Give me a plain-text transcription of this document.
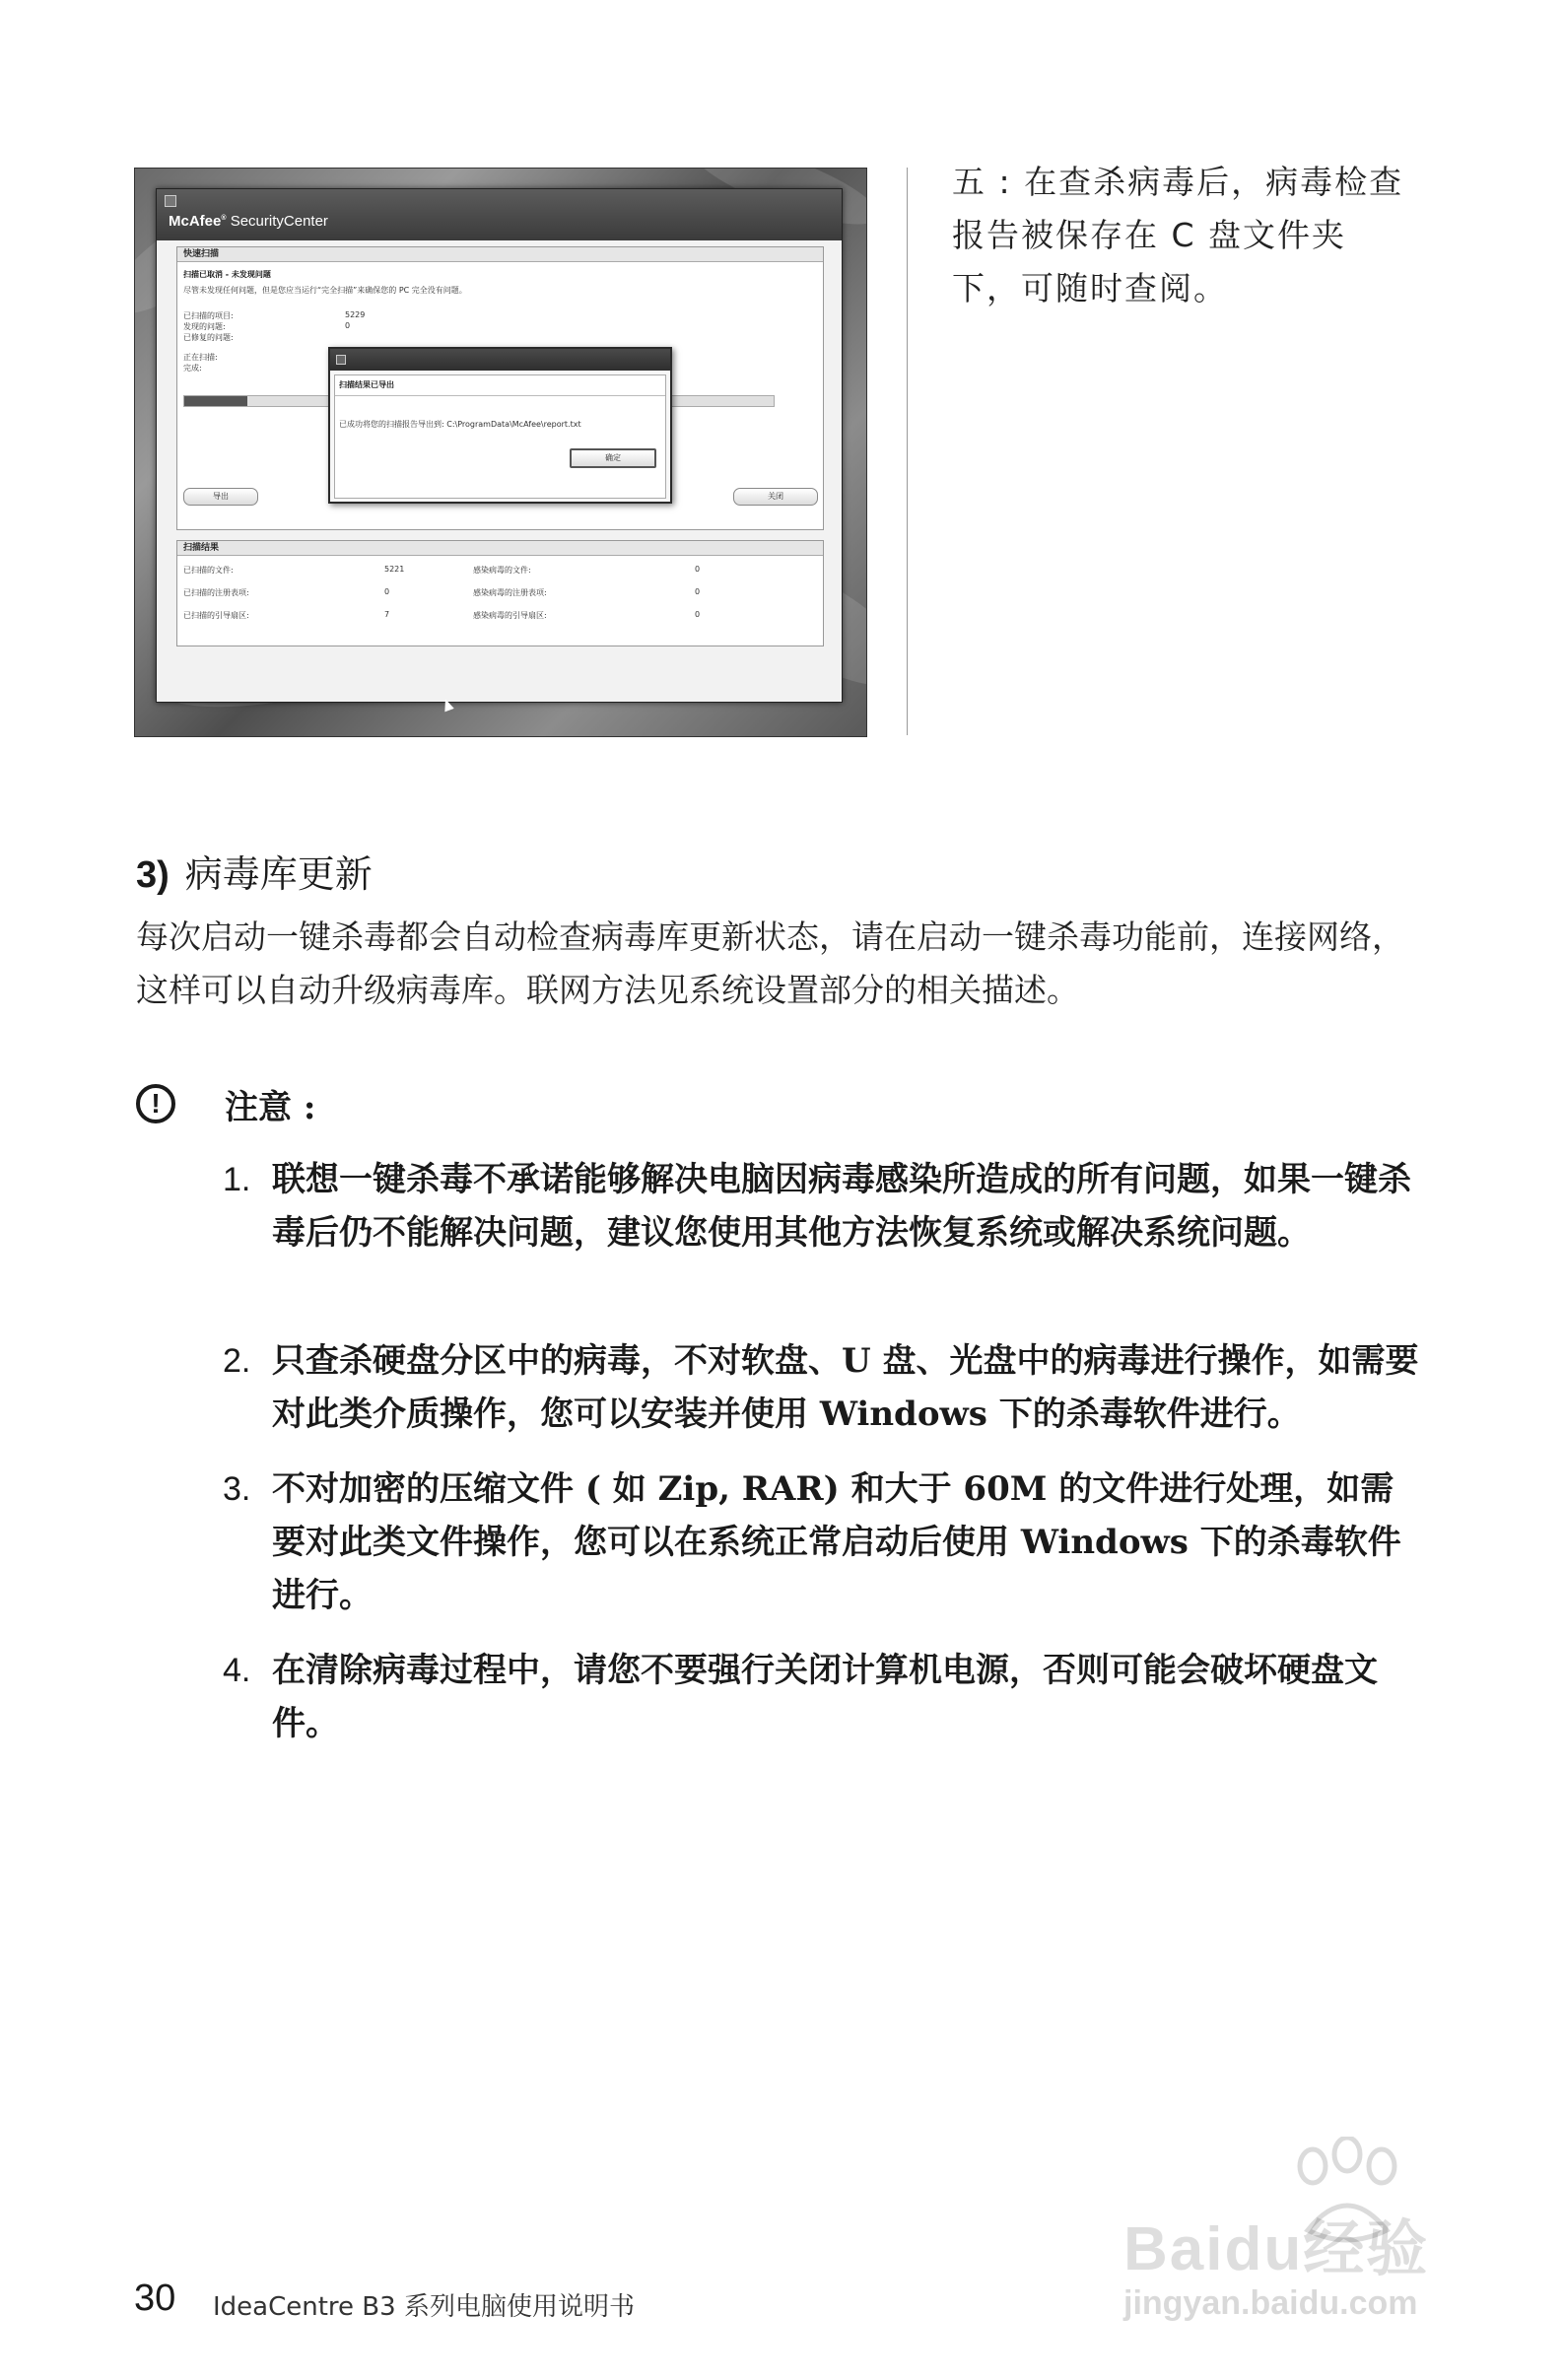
McAfee® SecurityCenter
快速扫描
扫描已取消 - 未发现问题
尽管未发现任何问题，但是您应当运行“完全扫描”来确保您的 PC 完全没有问题。
已扫描的项目:	5229
发现的问题:	0
已修复的问题:
正在扫描:
完成:
导出	关闭
扫描结果已导出
已成功将您的扫描报告导出到: C:\ProgramData\McAfee\report.txt
确定
扫描结果
已扫描的文件:	5221	感染病毒的文件:	0
已扫描的注册表项:	0	感染病毒的注册表项:	0
已扫描的引导扇区:	7	感染病毒的引导扇区:	0

五 : 在查杀病毒后，病毒检查报告被保存在 C 盘文件夹下，可随时查阅。

3) 病毒库更新

每次启动一键杀毒都会自动检查病毒库更新状态，请在启动一键杀毒功能前，连接网络，这样可以自动升级病毒库。联网方法见系统设置部分的相关描述。

!	注意 :
1. 联想一键杀毒不承诺能够解决电脑因病毒感染所造成的所有问题，如果一键杀毒后仍不能解决问题，建议您使用其他方法恢复系统或解决系统问题。
2. 只查杀硬盘分区中的病毒，不对软盘、U 盘、光盘中的病毒进行操作，如需要对此类介质操作，您可以安装并使用 Windows 下的杀毒软件进行。
3. 不对加密的压缩文件 ( 如 Zip, RAR) 和大于 60M 的文件进行处理，如需要对此类文件操作，您可以在系统正常启动后使用 Windows 下的杀毒软件进行。
4. 在清除病毒过程中，请您不要强行关闭计算机电源，否则可能会破坏硬盘文件。
30 IdeaCentre B3 系列电脑使用说明书
Baidu经验
jingyan.baidu.com
